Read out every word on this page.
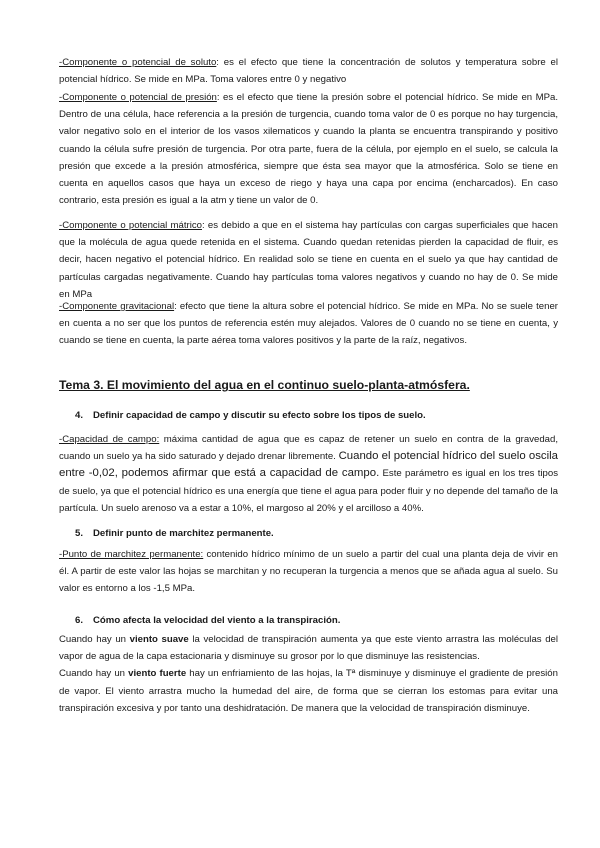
-Componente o potencial de soluto: es el efecto que tiene la concentración de solutos y temperatura sobre el potencial hídrico. Se mide en MPa. Toma valores entre 0 y negativo
-Componente o potencial de presión: es el efecto que tiene la presión sobre el potencial hídrico. Se mide en MPa. Dentro de una célula, hace referencia a la presión de turgencia, cuando toma valor de 0 es porque no hay turgencia, valor negativo solo en el interior de los vasos xilematicos y cuando la planta se encuentra transpirando y positivo cuando la célula sufre presión de turgencia. Por otra parte, fuera de la célula, por ejemplo en el suelo, se calcula la presión que excede a la presión atmosférica, siempre que ésta sea mayor que la atmosférica. Solo se tiene en cuenta en aquellos casos que haya un exceso de riego y haya una capa por encima (encharcados). En caso contrario, esta presión es igual a la atm y tiene un valor de 0.
-Componente o potencial mátrico: es debido a que en el sistema hay partículas con cargas superficiales que hacen que la molécula de agua quede retenida en el sistema. Cuando quedan retenidas pierden la capacidad de fluir, es decir, hacen negativo el potencial hídrico. En realidad solo se tiene en cuenta en el suelo ya que hay cantidad de partículas cargadas negativamente. Cuando hay partículas toma valores negativos y cuando no hay de 0. Se mide en MPa
-Componente gravitacional: efecto que tiene la altura sobre el potencial hídrico. Se mide en MPa. No se suele tener en cuenta a no ser que los puntos de referencia estén muy alejados. Valores de 0 cuando no se tiene en cuenta, y cuando se tiene en cuenta, la parte aérea toma valores positivos y la parte de la raíz, negativos.
Tema 3. El movimiento del agua en el continuo suelo-planta-atmósfera.
4. Definir capacidad de campo y discutir su efecto sobre los tipos de suelo.
-Capacidad de campo: máxima cantidad de agua que es capaz de retener un suelo en contra de la gravedad, cuando un suelo ya ha sido saturado y dejado drenar libremente. Cuando el potencial hídrico del suelo oscila entre -0,02, podemos afirmar que está a capacidad de campo. Este parámetro es igual en los tres tipos de suelo, ya que el potencial hídrico es una energía que tiene el agua para poder fluir y no depende del tamaño de la partícula. Un suelo arenoso va a estar a 10%, el margoso al 20% y el arcilloso a 40%.
5. Definir punto de marchitez permanente.
-Punto de marchitez permanente: contenido hídrico mínimo de un suelo a partir del cual una planta deja de vivir en él. A partir de este valor las hojas se marchitan y no recuperan la turgencia a menos que se añada agua al suelo. Su valor es entorno a los -1,5 MPa.
6. Cómo afecta la velocidad del viento a la transpiración.
Cuando hay un viento suave la velocidad de transpiración aumenta ya que este viento arrastra las moléculas del vapor de agua de la capa estacionaria y disminuye su grosor por lo que disminuye las resistencias.
Cuando hay un viento fuerte hay un enfriamiento de las hojas, la Tª disminuye y disminuye el gradiente de presión de vapor. El viento arrastra mucho la humedad del aire, de forma que se cierran los estomas para evitar una transpiración excesiva y por tanto una deshidratación. De manera que la velocidad de transpiración disminuye.
